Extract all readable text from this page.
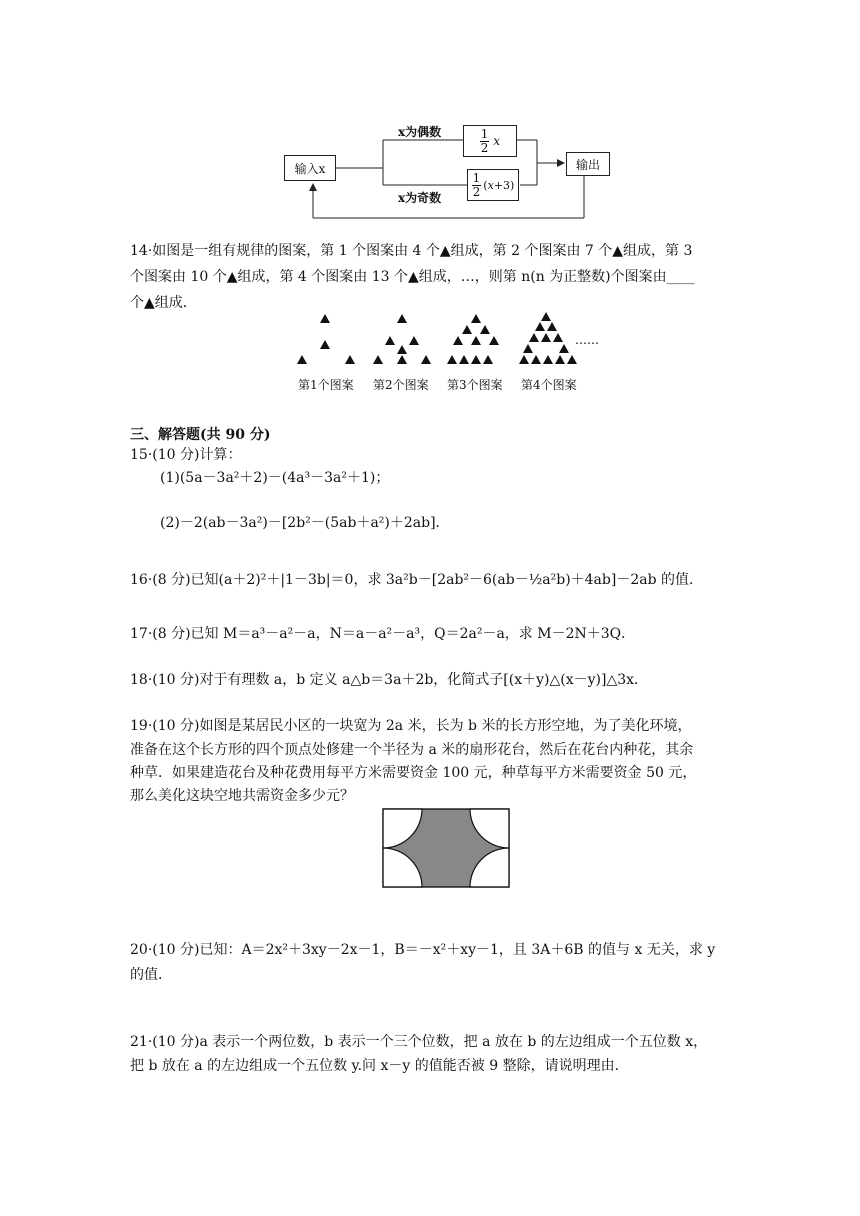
输入x
x为偶数
x为奇数
$\frac{1}{2}$ x
$\frac{1}{2} (x+3)$
输出
14·如图是一组有规律的图案，第 1 个图案由 4 个▲组成，第 2 个图案由 7 个▲组成，第 3
个图案由 10 个▲组成，第 4 个图案由 13 个▲组成，…，则第 n(n 为正整数)个图案由____
个▲组成．
……
第1个图案 第2个图案 第3个图案 第4个图案
三、解答题(共 90 分)
15·(10 分)计算：
(1)(5a－3a²＋2)－(4a³－3a²＋1)；
(2)－2(ab－3a²)－[2b²－(5ab＋a²)＋2ab]．
16·(8 分)已知(a＋2)²＋|1－3b|＝0，求 3a²b－[2ab²－6(ab－½a²b)＋4ab]－2ab 的值．
17·(8 分)已知 M＝a³－a²－a，N＝a－a²－a³，Q＝2a²－a，求 M－2N＋3Q．
18·(10 分)对于有理数 a，b 定义 a△b＝3a＋2b，化简式子[(x＋y)△(x－y)]△3x．
19·(10 分)如图是某居民小区的一块宽为 2a 米，长为 b 米的长方形空地，为了美化环境，
准备在这个长方形的四个顶点处修建一个半径为 a 米的扇形花台，然后在花台内种花，其余
种草．如果建造花台及种花费用每平方米需要资金 100 元，种草每平方米需要资金 50 元，
那么美化这块空地共需资金多少元？
20·(10 分)已知：A＝2x²＋3xy－2x－1，B＝－x²＋xy－1，且 3A＋6B 的值与 x 无关，求 y
的值．
21·(10 分)a 表示一个两位数，b 表示一个三个位数，把 a 放在 b 的左边组成一个五位数 x，
把 b 放在 a 的左边组成一个五位数 y.问 x－y 的值能否被 9 整除，请说明理由．
